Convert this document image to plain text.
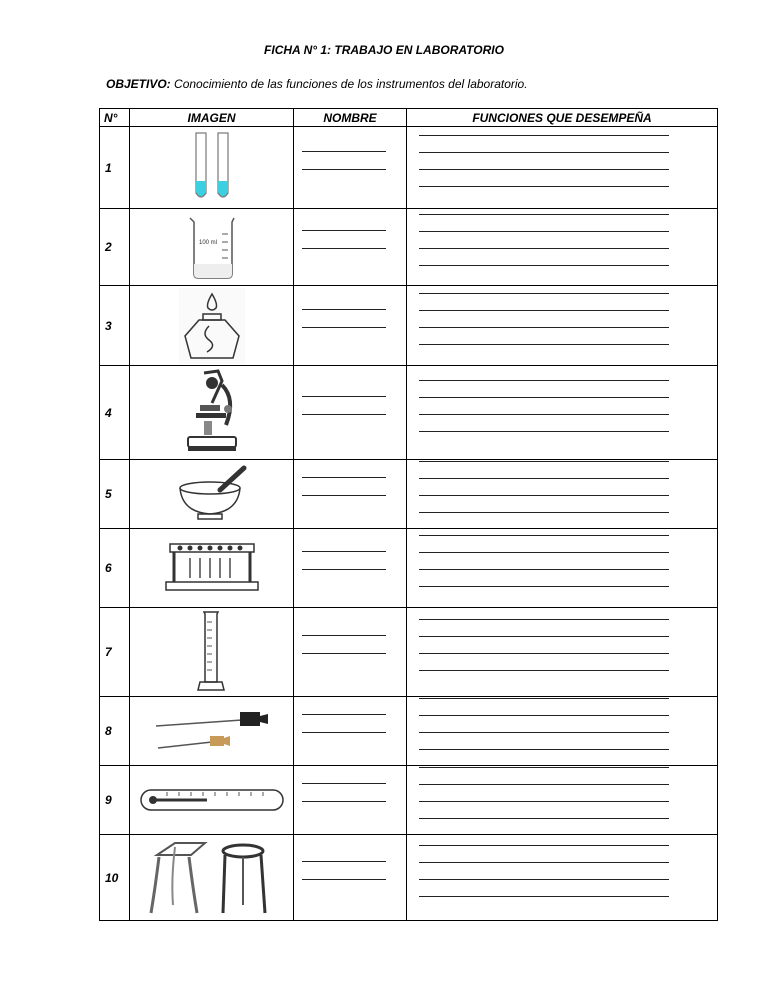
FICHA N° 1: TRABAJO EN LABORATORIO
OBJETIVO: Conocimiento de las funciones de los instrumentos del laboratorio.
N°	IMAGEN	NOMBRE	FUNCIONES QUE DESEMPEÑA
1	

2	100 ml		

3	

4	

5	

6	

7	

8	

9	

10	
